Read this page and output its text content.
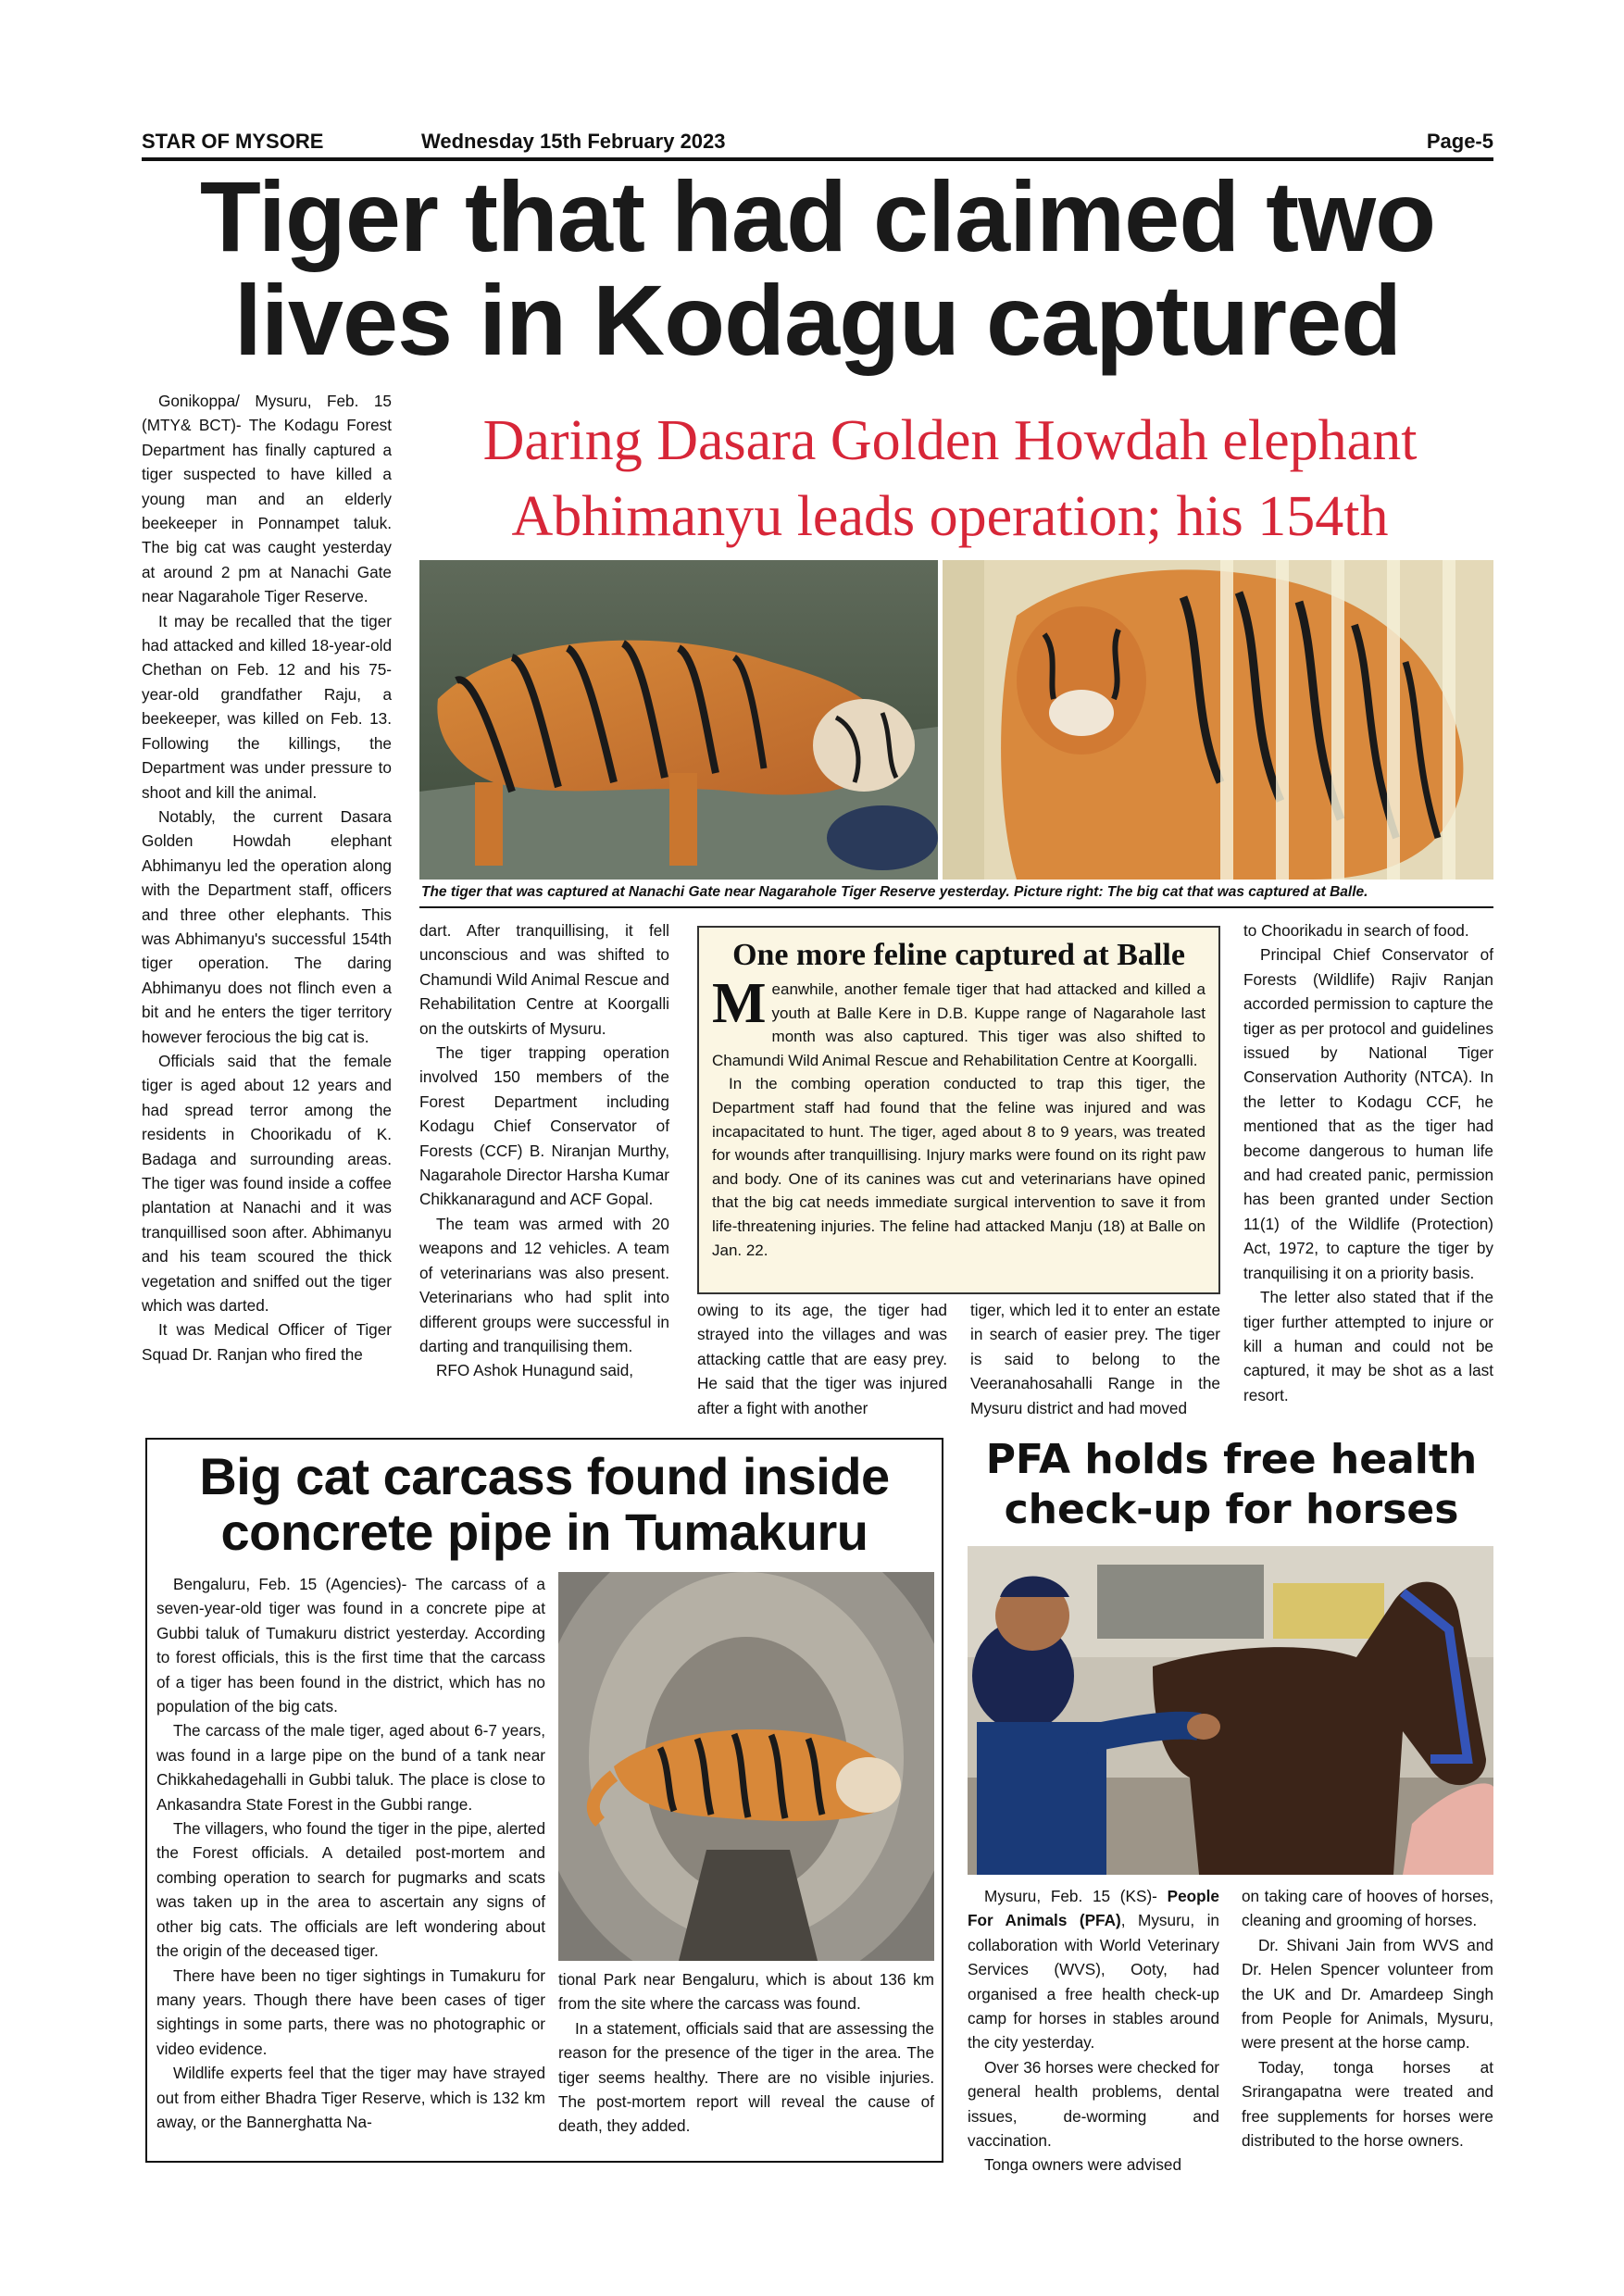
STAR OF MYSORE	Wednesday 15th February 2023	Page-5
Tiger that had claimed two
lives in Kodagu captured
Daring Dasara Golden Howdah elephant
Abhimanyu leads operation; his 154th
The tiger that was captured at Nanachi Gate near Nagarahole Tiger Reserve yesterday. Picture right: The big cat that was captured at Balle.

Gonikoppa/ Mysuru, Feb. 15 (MTY& BCT)- The Kodagu Forest Department has finally captured a tiger suspected to have killed a young man and an elderly beekeeper in Ponnampet taluk. The big cat was caught yesterday at around 2 pm at Nanachi Gate near Nagarahole Tiger Reserve.

It may be recalled that the tiger had attacked and killed 18-year-old Chethan on Feb. 12 and his 75-year-old grandfather Raju, a beekeeper, was killed on Feb. 13. Following the killings, the Department was under pressure to shoot and kill the animal.

Notably, the current Dasara Golden Howdah elephant Abhimanyu led the operation along with the Department staff, officers and three other elephants. This was Abhimanyu's successful 154th tiger operation. The daring Abhimanyu does not flinch even a bit and he enters the tiger territory however ferocious the big cat is.

Officials said that the female tiger is aged about 12 years and had spread terror among the residents in Choorikadu of K. Badaga and surrounding areas. The tiger was found inside a coffee plantation at Nanachi and it was tranquillised soon after. Abhimanyu and his team scoured the thick vegetation and sniffed out the tiger which was darted.

It was Medical Officer of Tiger Squad Dr. Ranjan who fired the

dart. After tranquillising, it fell unconscious and was shifted to Chamundi Wild Animal Rescue and Rehabilitation Centre at Koorgalli on the outskirts of Mysuru.

The tiger trapping operation involved 150 members of the Forest Department including Kodagu Chief Conservator of Forests (CCF) B. Niranjan Murthy, Nagarahole Director Harsha Kumar Chikkanaragund and ACF Gopal.

The team was armed with 20 weapons and 12 vehicles. A team of veterinarians was also present. Veterinarians who had split into different groups were successful in darting and tranquilising them.

RFO Ashok Hunagund said,

One more feline captured at Balle

Meanwhile, another female tiger that had attacked and killed a youth at Balle Kere in D.B. Kuppe range of Nagarahole last month was also captured. This tiger was also shifted to Chamundi Wild Animal Rescue and Rehabilitation Centre at Koorgalli.

In the combing operation conducted to trap this tiger, the Department staff had found that the feline was injured and was incapacitated to hunt. The tiger, aged about 8 to 9 years, was treated for wounds after tranquillising. Injury marks were found on its right paw and body. One of its canines was cut and veterinarians have opined that the big cat needs immediate surgical intervention to save it from life-threatening injuries. The feline had attacked Manju (18) at Balle on Jan. 22.

owing to its age, the tiger had strayed into the villages and was attacking cattle that are easy prey. He said that the tiger was injured after a fight with another

tiger, which led it to enter an estate in search of easier prey. The tiger is said to belong to the Veeranahosahalli Range in the Mysuru district and had moved

to Choorikadu in search of food.

Principal Chief Conservator of Forests (Wildlife) Rajiv Ranjan accorded permission to capture the tiger as per protocol and guidelines issued by National Tiger Conservation Authority (NTCA). In the letter to Kodagu CCF, he mentioned that as the tiger had become dangerous to human life and had created panic, permission has been granted under Section 11(1) of the Wildlife (Protection) Act, 1972, to capture the tiger by tranquilising it on a priority basis.

The letter also stated that if the tiger further attempted to injure or kill a human and could not be captured, it may be shot as a last resort.

Big cat carcass found inside
concrete pipe in Tumakuru

Bengaluru, Feb. 15 (Agencies)- The carcass of a seven-year-old tiger was found in a concrete pipe at Gubbi taluk of Tumakuru district yesterday. According to forest officials, this is the first time that the carcass of a tiger has been found in the district, which has no population of the big cats.

The carcass of the male tiger, aged about 6-7 years, was found in a large pipe on the bund of a tank near Chikkahedagehalli in Gubbi taluk. The place is close to Ankasandra State Forest in the Gubbi range.

The villagers, who found the tiger in the pipe, alerted the Forest officials. A detailed post-mortem and combing operation to search for pugmarks and scats was taken up in the area to ascertain any signs of other big cats. The officials are left wondering about the origin of the deceased tiger.

There have been no tiger sightings in Tumakuru for many years. Though there have been cases of tiger sightings in some parts, there was no photographic or video evidence.

Wildlife experts feel that the tiger may have strayed out from either Bhadra Tiger Reserve, which is 132 km away, or the Bannerghatta Na-

tional Park near Bengaluru, which is about 136 km from the site where the carcass was found.

In a statement, officials said that are assessing the reason for the presence of the tiger in the area. The tiger seems healthy. There are no visible injuries. The post-mortem report will reveal the cause of death, they added.

PFA holds free health
check-up for horses

Mysuru, Feb. 15 (KS)- People For Animals (PFA), Mysuru, in collaboration with World Veterinary Services (WVS), Ooty, had organised a free health check-up camp for horses in stables around the city yesterday.

Over 36 horses were checked for general health problems, dental issues, de-worming and vaccination.

Tonga owners were advised

on taking care of hooves of horses, cleaning and grooming of horses.

Dr. Shivani Jain from WVS and Dr. Helen Spencer volunteer from the UK and Dr. Amardeep Singh from People for Animals, Mysuru, were present at the horse camp.

Today, tonga horses at Srirangapatna were treated and free supplements for horses were distributed to the horse owners.
